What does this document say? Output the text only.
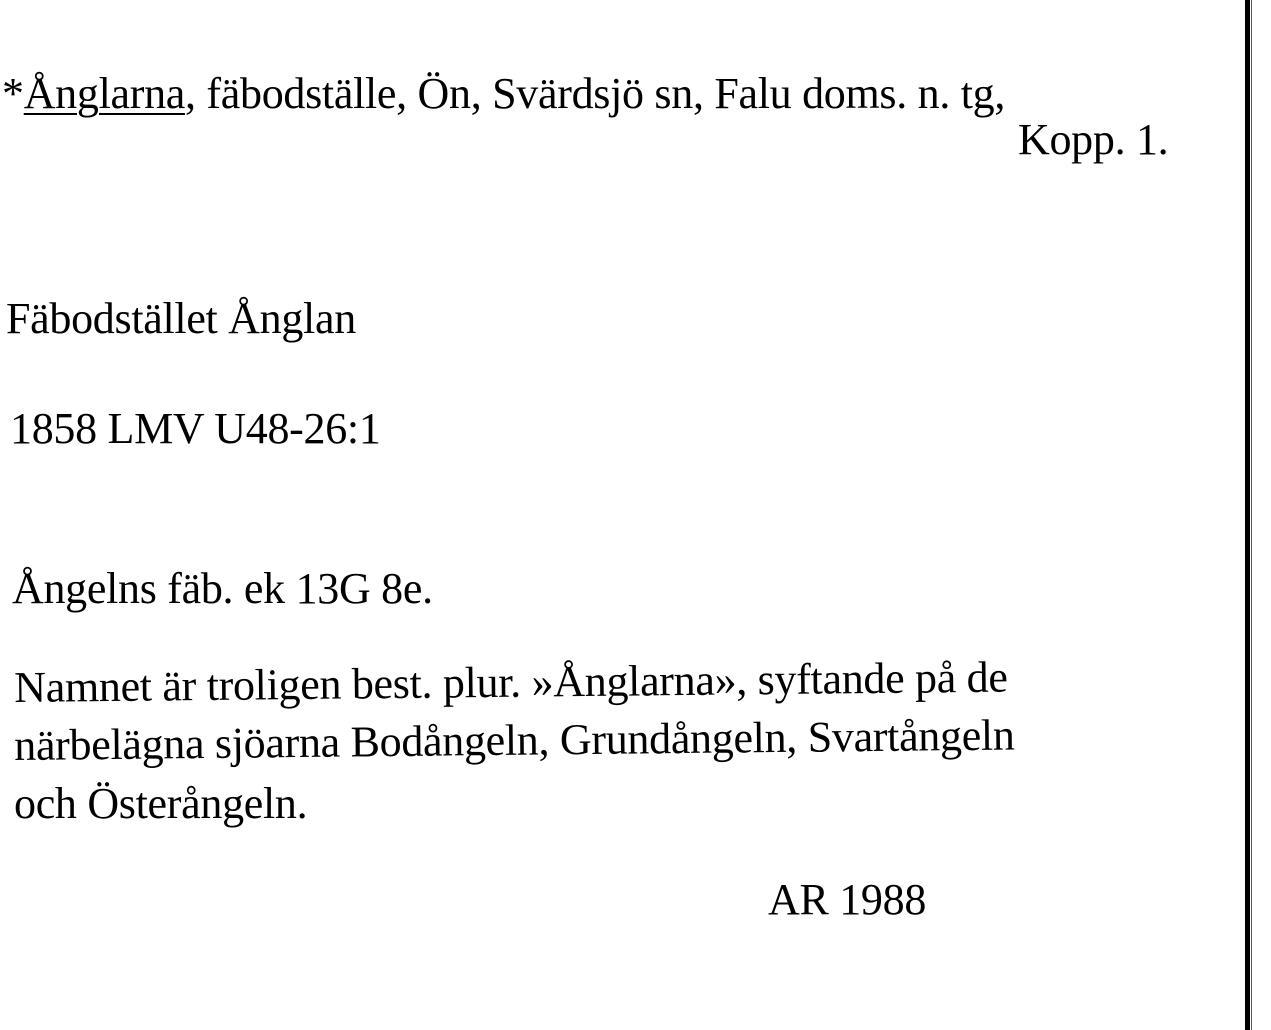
*Ånglarna, fäbodställe, Ön, Svärdsjö sn, Falu doms. n. tg,
Kopp. 1.
Fäbodstället Ånglan
1858 LMV U48-26:1
Ångelns fäb. ek 13G 8e.
Namnet är troligen best. plur. »Ånglarna», syftande på de
närbelägna sjöarna Bodångeln, Grundångeln, Svartångeln
och Österångeln.
AR 1988
